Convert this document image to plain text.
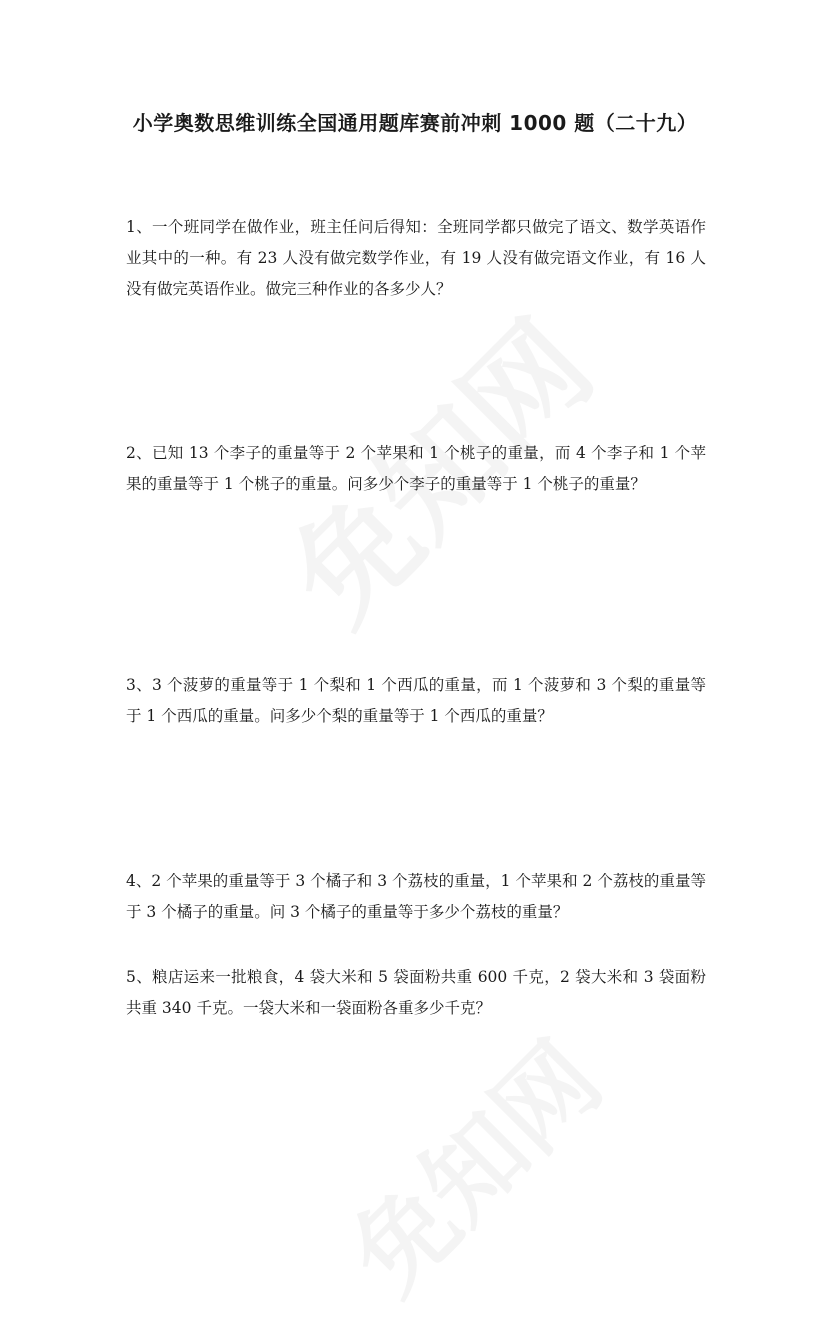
小学奥数思维训练全国通用题库赛前冲刺 1000 题（二十九）

1、一个班同学在做作业，班主任问后得知：全班同学都只做完了语文、数学英语作业其中的一种。有 23 人没有做完数学作业，有 19 人没有做完语文作业，有 16 人没有做完英语作业。做完三种作业的各多少人？

2、已知 13 个李子的重量等于 2 个苹果和 1 个桃子的重量，而 4 个李子和 1 个苹果的重量等于 1 个桃子的重量。问多少个李子的重量等于 1 个桃子的重量？

3、3 个菠萝的重量等于 1 个梨和 1 个西瓜的重量，而 1 个菠萝和 3 个梨的重量等于 1 个西瓜的重量。问多少个梨的重量等于 1 个西瓜的重量？

4、2 个苹果的重量等于 3 个橘子和 3 个荔枝的重量，1 个苹果和 2 个荔枝的重量等于 3 个橘子的重量。问 3 个橘子的重量等于多少个荔枝的重量？

5、粮店运来一批粮食，4 袋大米和 5 袋面粉共重 600 千克，2 袋大米和 3 袋面粉共重 340 千克。一袋大米和一袋面粉各重多少千克？
